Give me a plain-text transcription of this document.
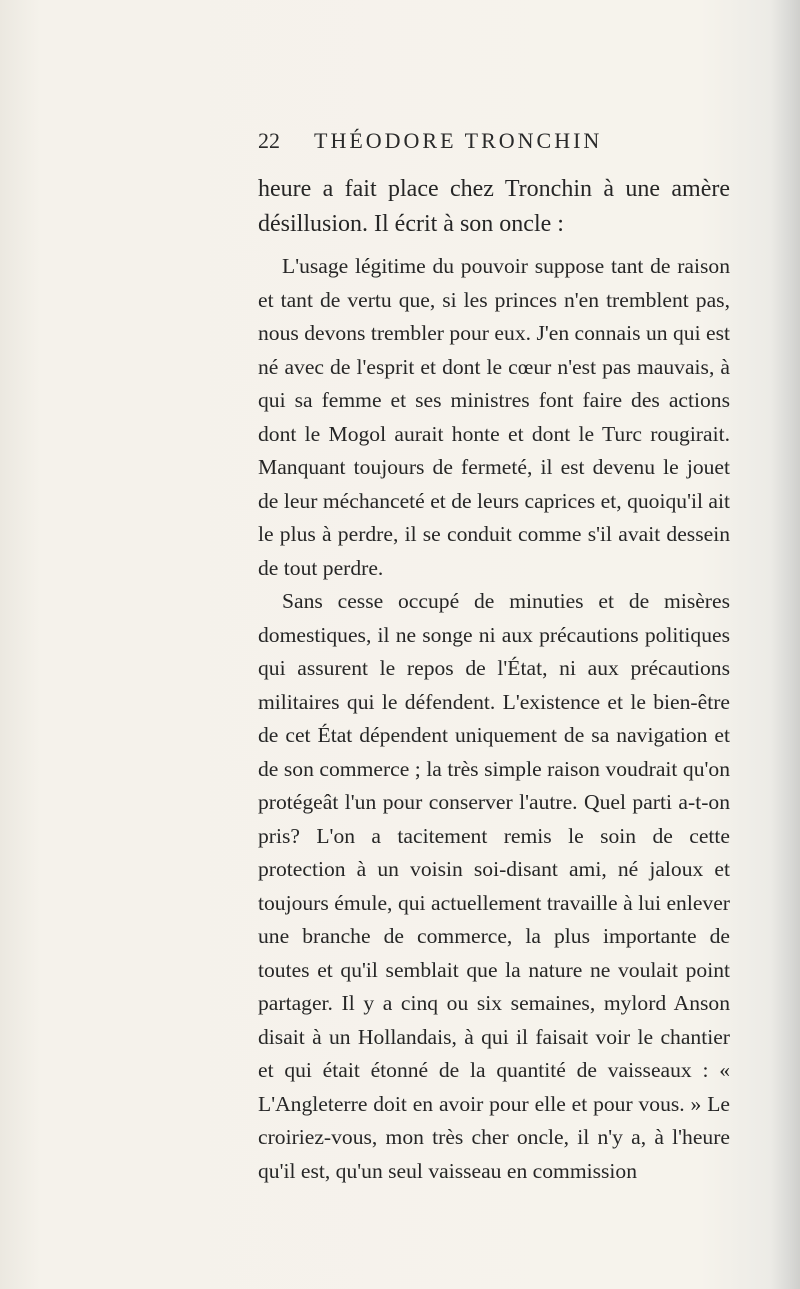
22 THÉODORE TRONCHIN

heure a fait place chez Tronchin à une amère désillusion. Il écrit à son oncle :

L'usage légitime du pouvoir suppose tant de raison et tant de vertu que, si les princes n'en tremblent pas, nous devons trembler pour eux. J'en connais un qui est né avec de l'esprit et dont le cœur n'est pas mauvais, à qui sa femme et ses ministres font faire des actions dont le Mogol aurait honte et dont le Turc rougirait. Manquant toujours de fermeté, il est devenu le jouet de leur méchanceté et de leurs caprices et, quoiqu'il ait le plus à perdre, il se conduit comme s'il avait dessein de tout perdre.

Sans cesse occupé de minuties et de misères domestiques, il ne songe ni aux précautions politiques qui assurent le repos de l'État, ni aux précautions militaires qui le défendent. L'existence et le bien-être de cet État dépendent uniquement de sa navigation et de son commerce ; la très simple raison voudrait qu'on protégeât l'un pour conserver l'autre. Quel parti a-t-on pris? L'on a tacitement remis le soin de cette protection à un voisin soi-disant ami, né jaloux et toujours émule, qui actuellement travaille à lui enlever une branche de commerce, la plus importante de toutes et qu'il semblait que la nature ne voulait point partager. Il y a cinq ou six semaines, mylord Anson disait à un Hollandais, à qui il faisait voir le chantier et qui était étonné de la quantité de vaisseaux : « L'Angleterre doit en avoir pour elle et pour vous. » Le croiriez-vous, mon très cher oncle, il n'y a, à l'heure qu'il est, qu'un seul vaisseau en commission
